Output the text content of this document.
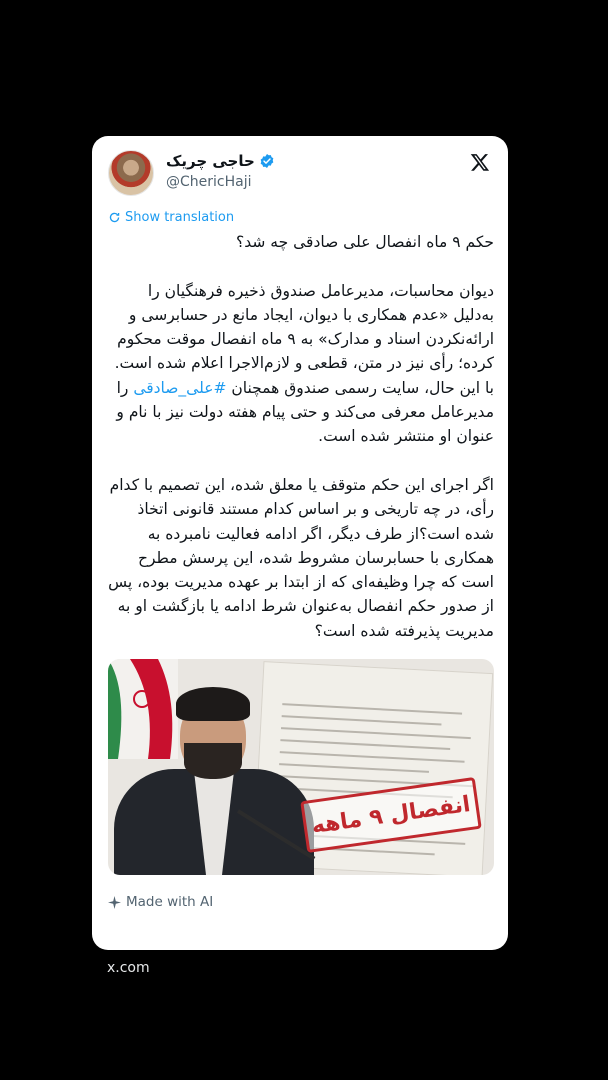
حاجی چریک
@ChericHaji
Show translation
حکم ۹ ماه انفصال علی صادقی چه شد؟

دیوان محاسبات، مدیرعامل صندوق ذخیره فرهنگیان را به‌دلیل «عدم همکاری با دیوان، ایجاد مانع در حسابرسی و ارائه‌نکردن اسناد و مدارک» به ۹ ماه انفصال موقت محکوم کرده؛ رأی نیز در متن، قطعی و لازم‌الاجرا اعلام شده است. با این حال، سایت رسمی صندوق همچنان #علی_صادقی را مدیرعامل معرفی می‌کند و حتی پیام هفته دولت نیز با نام و عنوان او منتشر شده است.

اگر اجرای این حکم متوقف یا معلق شده، این تصمیم با کدام رأی، در چه تاریخی و بر اساس کدام مستند قانونی اتخاذ شده است؟از طرف دیگر، اگر ادامه فعالیت نامبرده به همکاری با حسابرسان مشروط شده، این پرسش مطرح است که چرا وظیفه‌ای که از ابتدا بر عهده مدیریت بوده، پس از صدور حکم انفصال به‌عنوان شرط ادامه یا بازگشت او به مدیریت پذیرفته شده است؟
انفصال ۹ ماهه
Made with AI
x.com
